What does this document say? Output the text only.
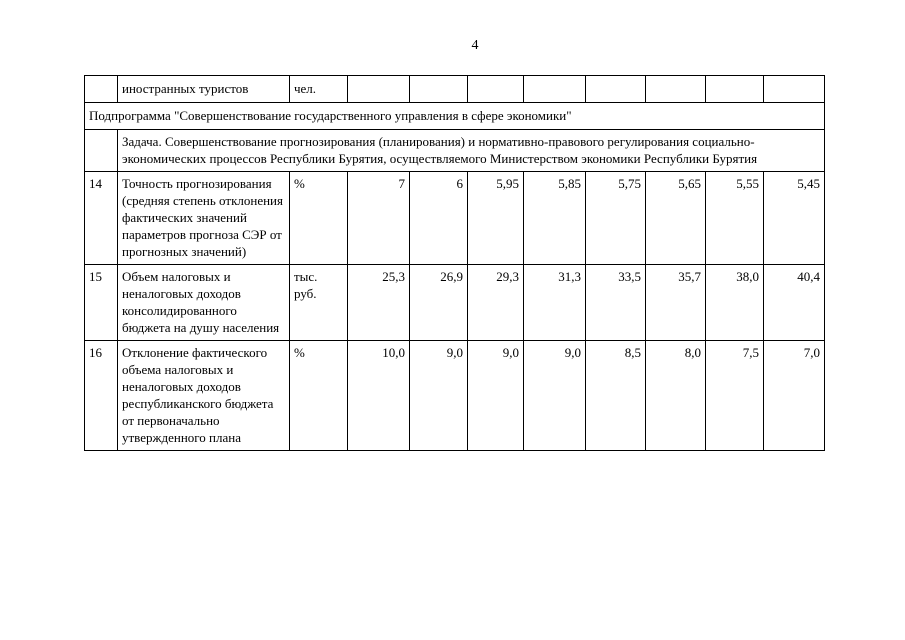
4
	иностранных туристов	чел.								
Подпрограмма "Совершенствование государственного управления в сфере экономики"										
	Задача. Совершенствование прогнозирования (планирования) и нормативно-правового регулирования социально-экономических процессов Республики Бурятия, осуществляемого Министерством экономики Республики Бурятия									
14	Точность прогнозирования (средняя степень отклонения фактических значений параметров прогноза СЭР от прогнозных значений)	%	7	6	5,95	5,85	5,75	5,65	5,55	5,45
15	Объем налоговых и неналоговых доходов консолидированного бюджета на душу населения	тыс. руб.	25,3	26,9	29,3	31,3	33,5	35,7	38,0	40,4
16	Отклонение фактического объема налоговых и неналоговых доходов республиканского бюджета от первоначально утвержденного плана	%	10,0	9,0	9,0	9,0	8,5	8,0	7,5	7,0
